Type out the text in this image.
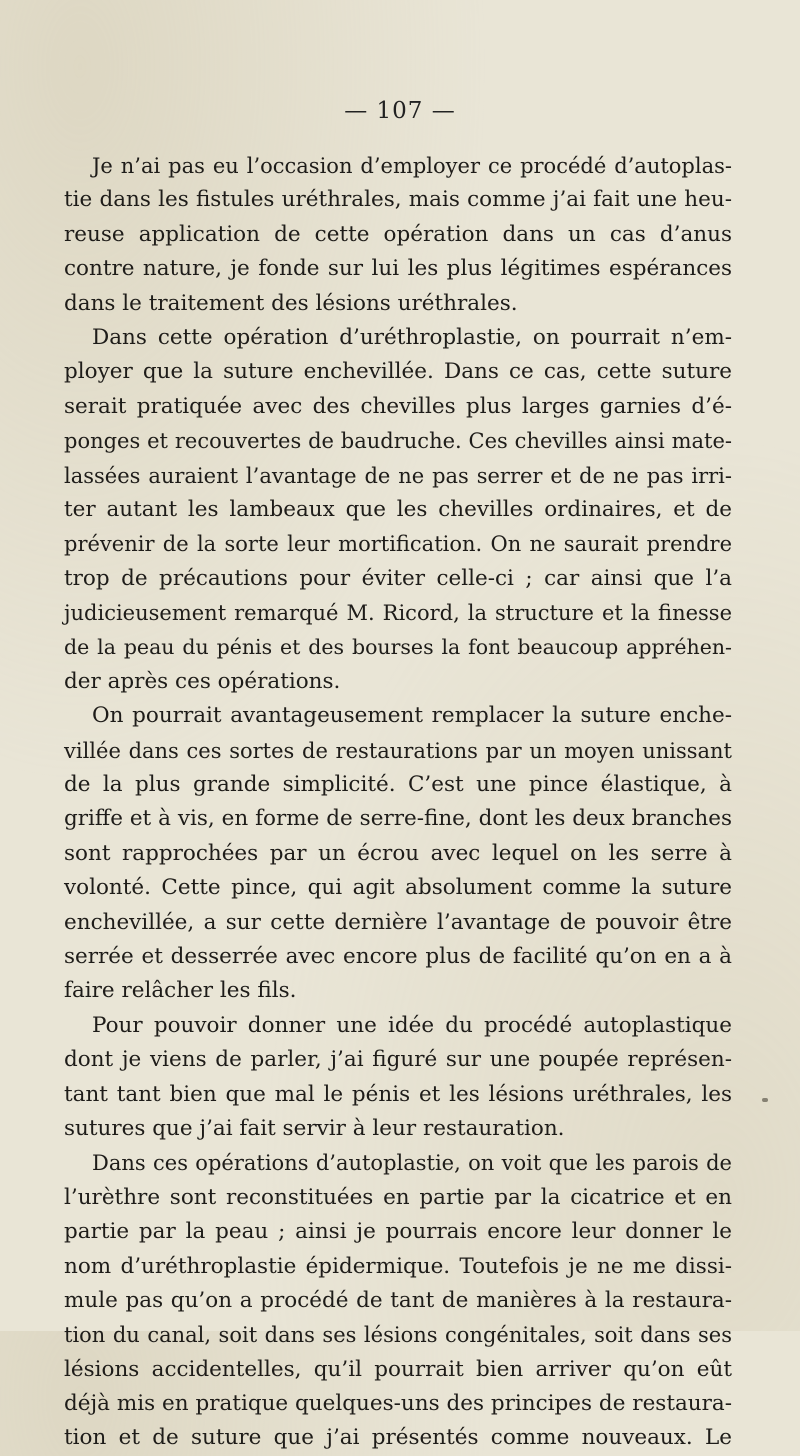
— 107 —
Je n’ai pas eu l’occasion d’employer ce procédé d’autoplas-
tie dans les fistules uréthrales, mais comme j’ai fait une heu-
reuse application de cette opération dans un cas d’anus
contre nature, je fonde sur lui les plus légitimes espérances
dans le traitement des lésions uréthrales.
Dans cette opération d’uréthroplastie, on pourrait n’em-
ployer que la suture enchevillée. Dans ce cas, cette suture
serait pratiquée avec des chevilles plus larges garnies d’é-
ponges et recouvertes de baudruche. Ces chevilles ainsi mate-
lassées auraient l’avantage de ne pas serrer et de ne pas irri-
ter autant les lambeaux que les chevilles ordinaires, et de
prévenir de la sorte leur mortification. On ne saurait prendre
trop de précautions pour éviter celle-ci ; car ainsi que l’a
judicieusement remarqué M. Ricord, la structure et la finesse
de la peau du pénis et des bourses la font beaucoup appréhen-
der après ces opérations.
On pourrait avantageusement remplacer la suture enche-
villée dans ces sortes de restaurations par un moyen unissant
de la plus grande simplicité. C’est une pince élastique, à
griffe et à vis, en forme de serre-fine, dont les deux branches
sont rapprochées par un écrou avec lequel on les serre à
volonté. Cette pince, qui agit absolument comme la suture
enchevillée, a sur cette dernière l’avantage de pouvoir être
serrée et desserrée avec encore plus de facilité qu’on en a à
faire relâcher les fils.
Pour pouvoir donner une idée du procédé autoplastique
dont je viens de parler, j’ai figuré sur une poupée représen-
tant tant bien que mal le pénis et les lésions uréthrales, les
sutures que j’ai fait servir à leur restauration.
Dans ces opérations d’autoplastie, on voit que les parois de
l’urèthre sont reconstituées en partie par la cicatrice et en
partie par la peau ; ainsi je pourrais encore leur donner le
nom d’uréthroplastie épidermique. Toutefois je ne me dissi-
mule pas qu’on a procédé de tant de manières à la restaura-
tion du canal, soit dans ses lésions congénitales, soit dans ses
lésions accidentelles, qu’il pourrait bien arriver qu’on eût
déjà mis en pratique quelques-uns des principes de restaura-
tion et de suture que j’ai présentés comme nouveaux. Le
